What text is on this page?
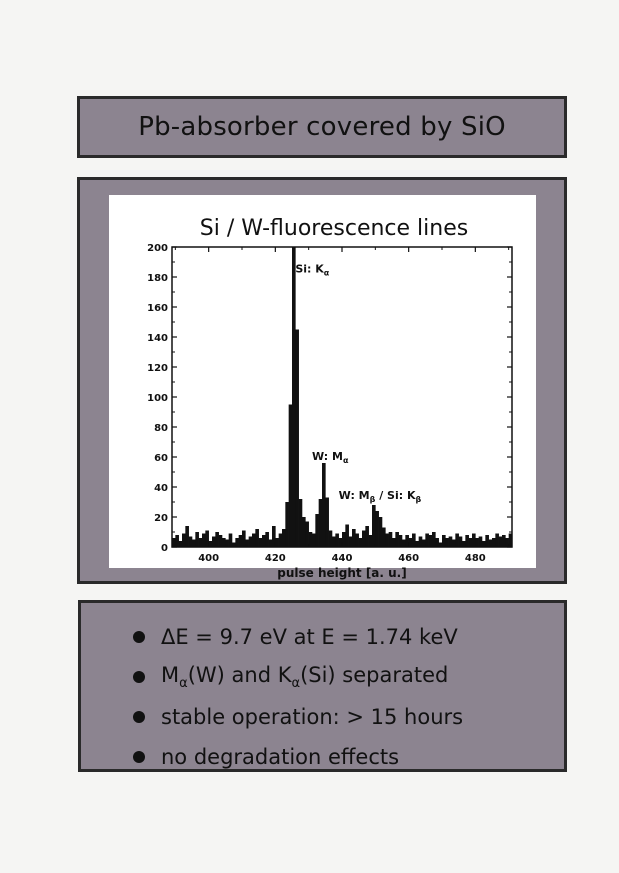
Pb-absorber covered by SiO
Si / W-fluorescence lines
0
20
40
60
80
100
120
140
160
180
200
400	420	440	460	480
pulse height [a. u.]
Si: $K_\alpha$
W: $M_\alpha$
W: $M_\beta$ / Si: $K_\beta$
ΔE = 9.7 eV at E = 1.74 keV
$M_\alpha(W)$ and $K_\alpha(Si)$ separated
stable operation: > 15 hours
no degradation effects
